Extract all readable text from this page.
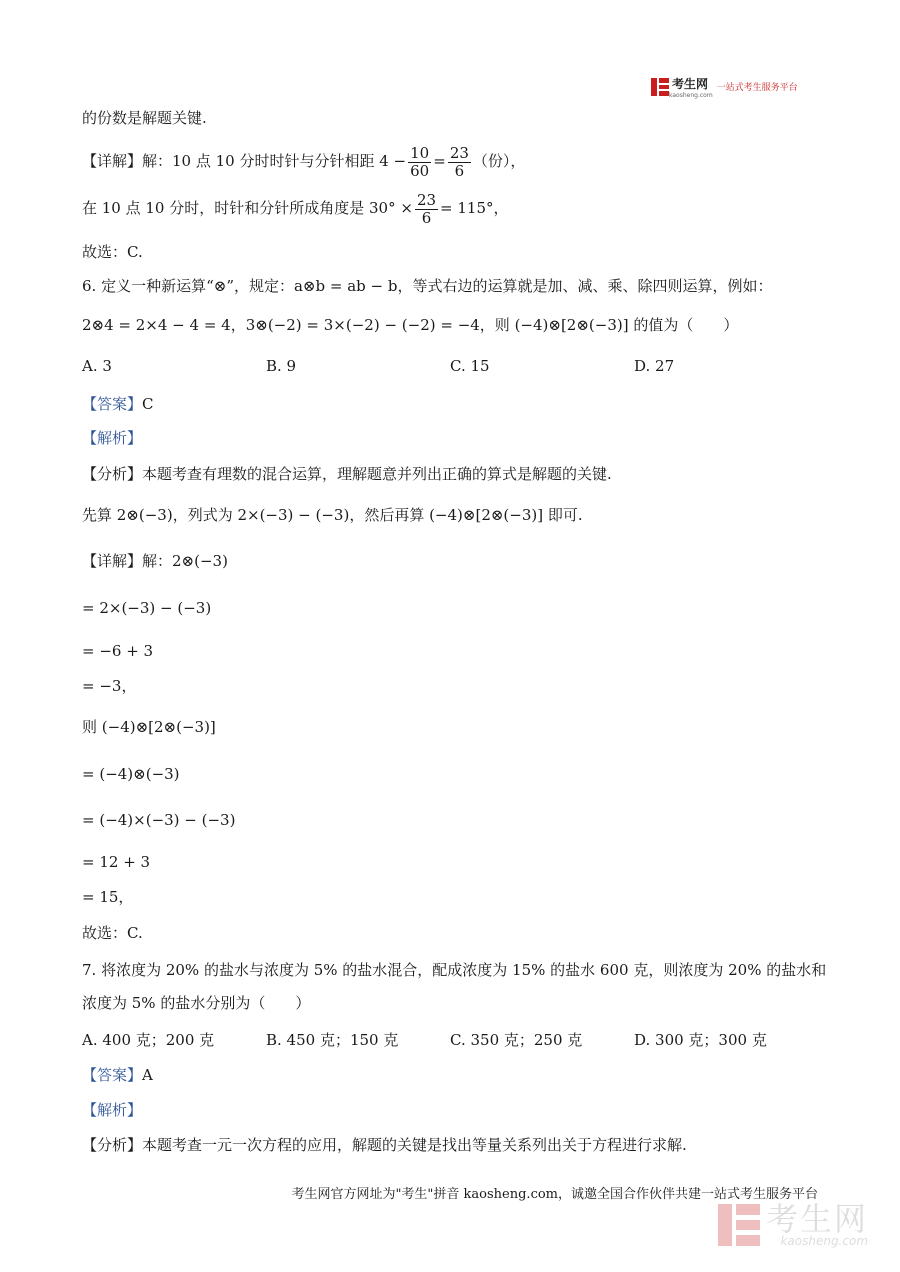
考生网
kaosheng.com
一站式考生服务平台
的份数是解题关键.
【详解】解：10 点 10 分时时针与分针相距 $4 - \frac{10}{60} = \frac{23}{6}$ （份），
在 10 点 10 分时，时针和分针所成角度是 $30^\circ \times \frac{23}{6} = 115^\circ$，
故选：C.
6. 定义一种新运算“⊗”，规定：a⊗b = ab − b，等式右边的运算就是加、减、乘、除四则运算，例如：
2⊗4 = 2×4 − 4 = 4，3⊗(−2) = 3×(−2) − (−2) = −4，则 (−4)⊗[2⊗(−3)] 的值为（　　）
A. 3	B. 9	C. 15	D. 27
【答案】C
【解析】
【分析】本题考查有理数的混合运算，理解题意并列出正确的算式是解题的关键.
先算 2⊗(−3)，列式为 2×(−3) − (−3)，然后再算 (−4)⊗[2⊗(−3)] 即可.
【详解】解：2⊗(−3)
= 2×(−3) − (−3)
= −6 + 3
= −3，
则 (−4)⊗[2⊗(−3)]
= (−4)⊗(−3)
= (−4)×(−3) − (−3)
= 12 + 3
= 15，
故选：C.
7. 将浓度为 20% 的盐水与浓度为 5% 的盐水混合，配成浓度为 15% 的盐水 600 克，则浓度为 20% 的盐水和
浓度为 5% 的盐水分别为（　　）
A. 400 克；200 克	B. 450 克；150 克	C. 350 克；250 克	D. 300 克；300 克
【答案】A
【解析】
【分析】本题考查一元一次方程的应用，解题的关键是找出等量关系列出关于方程进行求解.
考生网官方网址为"考生"拼音 kaosheng.com，诚邀全国合作伙伴共建一站式考生服务平台
考生网
kaosheng.com
